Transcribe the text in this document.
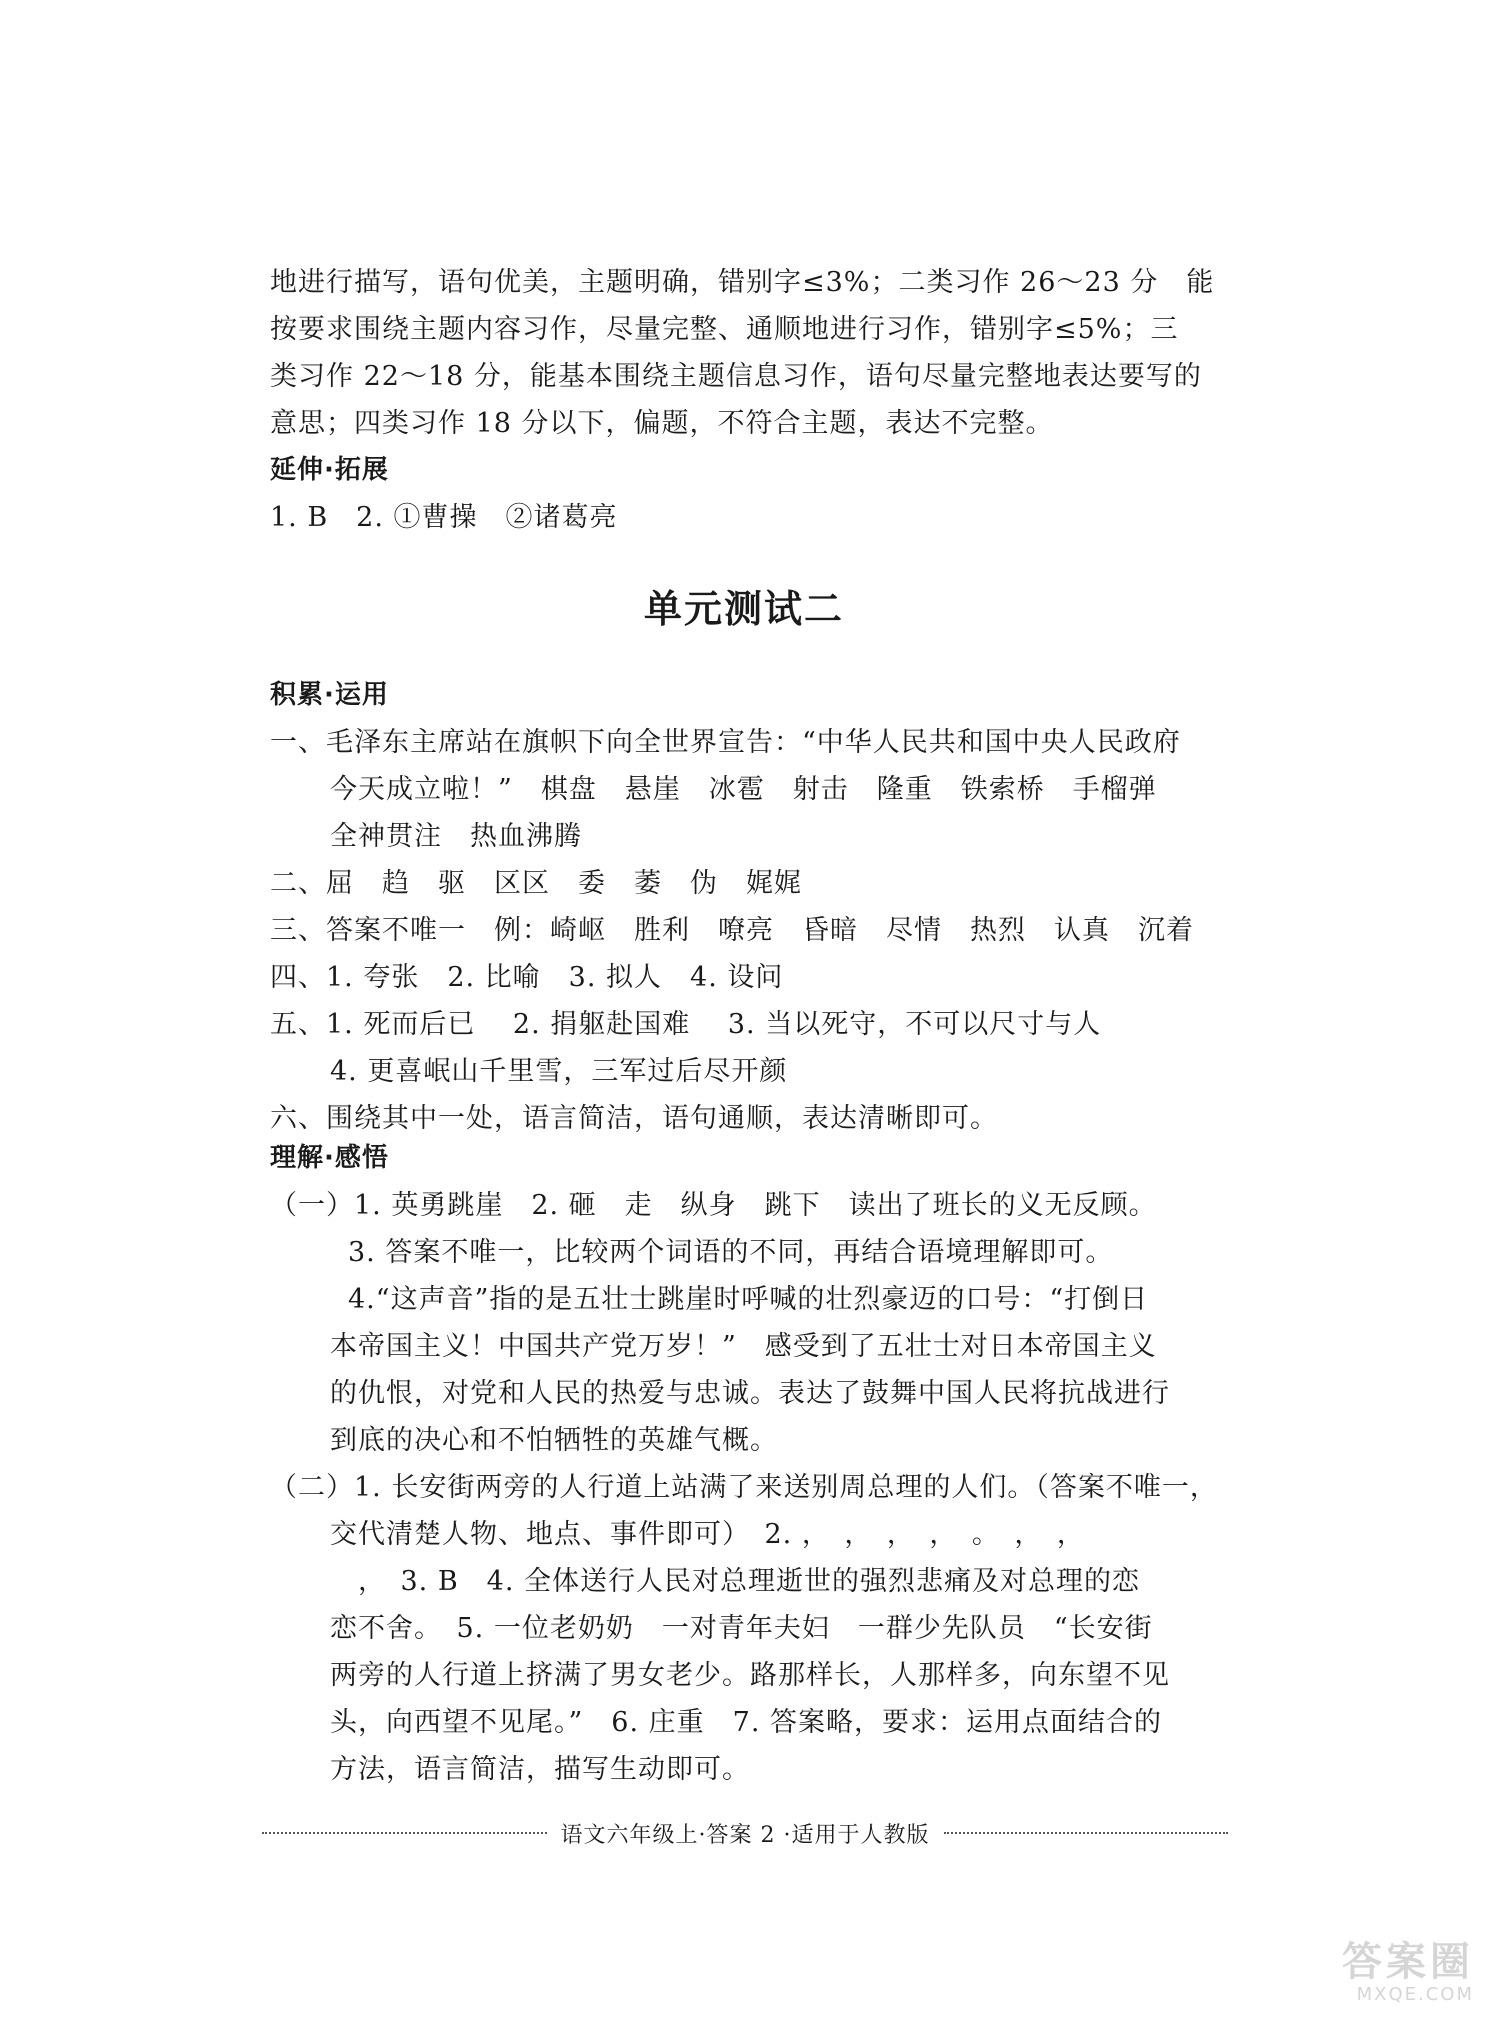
地进行描写，语句优美，主题明确，错别字≤3%；二类习作 26～23 分　能
按要求围绕主题内容习作，尽量完整、通顺地进行习作，错别字≤5%；三
类习作 22～18 分，能基本围绕主题信息习作，语句尽量完整地表达要写的
意思；四类习作 18 分以下，偏题，不符合主题，表达不完整。
延伸·拓展
1. B　2. ①曹操　②诸葛亮
单元测试二
积累·运用
一、毛泽东主席站在旗帜下向全世界宣告：“中华人民共和国中央人民政府
今天成立啦！”　棋盘　悬崖　冰雹　射击　隆重　铁索桥　手榴弹
全神贯注　热血沸腾
二、屈　趋　驱　区区　委　萎　伪　娓娓
三、答案不唯一　例：崎岖　胜利　嘹亮　昏暗　尽情　热烈　认真　沉着
四、1. 夸张　2. 比喻　3. 拟人　4. 设问
五、1. 死而后已　 2. 捐躯赴国难　 3. 当以死守，不可以尺寸与人
4. 更喜岷山千里雪，三军过后尽开颜
六、围绕其中一处，语言简洁，语句通顺，表达清晰即可。
理解·感悟
（一）1. 英勇跳崖　2. 砸　走　纵身　跳下　读出了班长的义无反顾。
3. 答案不唯一，比较两个词语的不同，再结合语境理解即可。
4.“这声音”指的是五壮士跳崖时呼喊的壮烈豪迈的口号：“打倒日
本帝国主义！中国共产党万岁！”　感受到了五壮士对日本帝国主义
的仇恨，对党和人民的热爱与忠诚。表达了鼓舞中国人民将抗战进行
到底的决心和不怕牺牲的英雄气概。
（二）1. 长安街两旁的人行道上站满了来送别周总理的人们。（答案不唯一，
交代清楚人物、地点、事件即可）　2. ，　，　，　，　。　，　，
　，　3. B　4. 全体送行人民对总理逝世的强烈悲痛及对总理的恋
恋不舍。　5. 一位老奶奶　一对青年夫妇　一群少先队员　“长安街
两旁的人行道上挤满了男女老少。路那样长，人那样多，向东望不见
头，向西望不见尾。”　6. 庄重　7. 答案略，要求：运用点面结合的
方法，语言简洁，描写生动即可。
语文六年级上·答案 2 ·适用于人教版
答案圈
MXQE.COM
